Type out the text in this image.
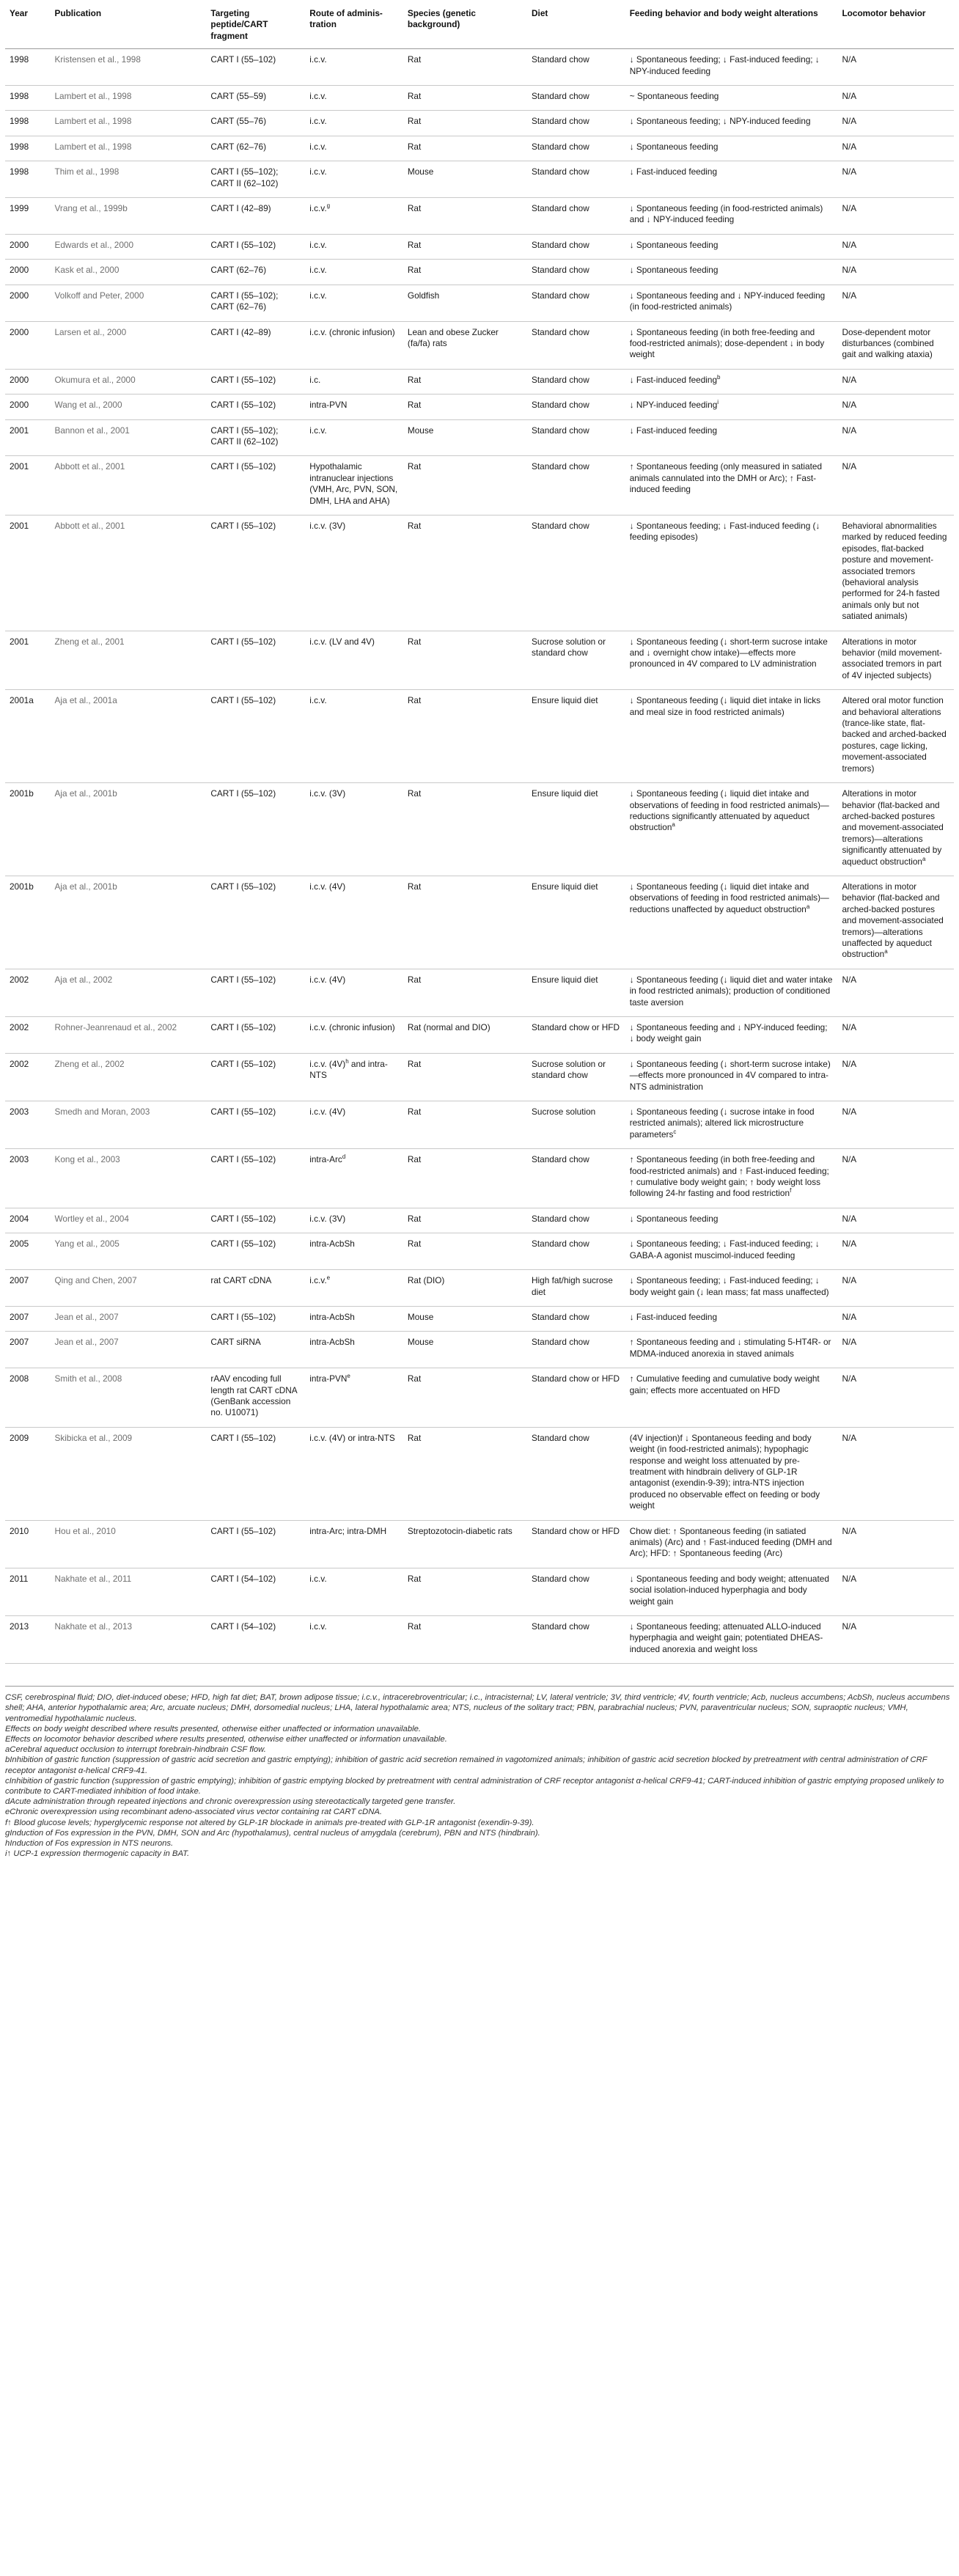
Year	Publication	Targeting peptide/CART fragment	Route of adminis-tration	Species (genetic background)	Diet	Feeding behavior and body weight alterations	Locomotor behavior
1998	Kristensen et al., 1998	CART I (55–102)	i.c.v.	Rat	Standard chow	↓ Spontaneous feeding; ↓ Fast-induced feeding; ↓ NPY-induced feeding	N/A
1998	Lambert et al., 1998	CART (55–59)	i.c.v.	Rat	Standard chow	~ Spontaneous feeding	N/A
1998	Lambert et al., 1998	CART (55–76)	i.c.v.	Rat	Standard chow	↓ Spontaneous feeding; ↓ NPY-induced feeding	N/A
1998	Lambert et al., 1998	CART (62–76)	i.c.v.	Rat	Standard chow	↓ Spontaneous feeding	N/A
1998	Thim et al., 1998	CART I (55–102); CART II (62–102)	i.c.v.	Mouse	Standard chow	↓ Fast-induced feeding	N/A
1999	Vrang et al., 1999b	CART I (42–89)	i.c.v.$^g$	Rat	Standard chow	↓ Spontaneous feeding (in food-restricted animals) and ↓ NPY-induced feeding	N/A
2000	Edwards et al., 2000	CART I (55–102)	i.c.v.	Rat	Standard chow	↓ Spontaneous feeding	N/A
2000	Kask et al., 2000	CART (62–76)	i.c.v.	Rat	Standard chow	↓ Spontaneous feeding	N/A
2000	Volkoff and Peter, 2000	CART I (55–102); CART (62–76)	i.c.v.	Goldfish	Standard chow	↓ Spontaneous feeding and ↓ NPY-induced feeding (in food-restricted animals)	N/A
2000	Larsen et al., 2000	CART I (42–89)	i.c.v. (chronic infusion)	Lean and obese Zucker (fa/fa) rats	Standard chow	↓ Spontaneous feeding (in both free-feeding and food-restricted animals); dose-dependent ↓ in body weight	Dose-dependent motor disturbances (combined gait and walking ataxia)
2000	Okumura et al., 2000	CART I (55–102)	i.c.	Rat	Standard chow	↓ Fast-induced feeding$^b$	N/A
2000	Wang et al., 2000	CART I (55–102)	intra-PVN	Rat	Standard chow	↓ NPY-induced feeding$^i$	N/A
2001	Bannon et al., 2001	CART I (55–102); CART II (62–102)	i.c.v.	Mouse	Standard chow	↓ Fast-induced feeding	N/A
2001	Abbott et al., 2001	CART I (55–102)	Hypothalamic intranuclear injections (VMH, Arc, PVN, SON, DMH, LHA and AHA)	Rat	Standard chow	↑ Spontaneous feeding (only measured in satiated animals cannulated into the DMH or Arc); ↑ Fast-induced feeding	N/A
2001	Abbott et al., 2001	CART I (55–102)	i.c.v. (3V)	Rat	Standard chow	↓ Spontaneous feeding; ↓ Fast-induced feeding (↓ feeding episodes)	Behavioral abnormalities marked by reduced feeding episodes, flat-backed posture and movement-associated tremors (behavioral analysis performed for 24-h fasted animals only but not satiated animals)
2001	Zheng et al., 2001	CART I (55–102)	i.c.v. (LV and 4V)	Rat	Sucrose solution or standard chow	↓ Spontaneous feeding (↓ short-term sucrose intake and ↓ overnight chow intake)—effects more pronounced in 4V compared to LV administration	Alterations in motor behavior (mild movement-associated tremors in part of 4V injected subjects)
2001a	Aja et al., 2001a	CART I (55–102)	i.c.v.	Rat	Ensure liquid diet	↓ Spontaneous feeding (↓ liquid diet intake in licks and meal size in food restricted animals)	Altered oral motor function and behavioral alterations (trance-like state, flat-backed and arched-backed postures, cage licking, movement-associated tremors)
2001b	Aja et al., 2001b	CART I (55–102)	i.c.v. (3V)	Rat	Ensure liquid diet	↓ Spontaneous feeding (↓ liquid diet intake and observations of feeding in food restricted animals)—reductions significantly attenuated by aqueduct obstruction$^a$	Alterations in motor behavior (flat-backed and arched-backed postures and movement-associated tremors)—alterations significantly attenuated by aqueduct obstruction$^a$
2001b	Aja et al., 2001b	CART I (55–102)	i.c.v. (4V)	Rat	Ensure liquid diet	↓ Spontaneous feeding (↓ liquid diet intake and observations of feeding in food restricted animals)—reductions unaffected by aqueduct obstruction$^a$	Alterations in motor behavior (flat-backed and arched-backed postures and movement-associated tremors)—alterations unaffected by aqueduct obstruction$^a$
2002	Aja et al., 2002	CART I (55–102)	i.c.v. (4V)	Rat	Ensure liquid diet	↓ Spontaneous feeding (↓ liquid diet and water intake in food restricted animals); production of conditioned taste aversion	N/A
2002	Rohner-Jeanrenaud et al., 2002	CART I (55–102)	i.c.v. (chronic infusion)	Rat (normal and DIO)	Standard chow or HFD	↓ Spontaneous feeding and ↓ NPY-induced feeding; ↓ body weight gain	N/A
2002	Zheng et al., 2002	CART I (55–102)	i.c.v. $(4V)^h$ and intra-NTS	Rat	Sucrose solution or standard chow	↓ Spontaneous feeding (↓ short-term sucrose intake)—effects more pronounced in 4V compared to intra-NTS administration	N/A
2003	Smedh and Moran, 2003	CART I (55–102)	i.c.v. (4V)	Rat	Sucrose solution	↓ Spontaneous feeding (↓ sucrose intake in food restricted animals); altered lick microstructure parameters$^c$	N/A
2003	Kong et al., 2003	CART I (55–102)	intra-Arc$^d$	Rat	Standard chow	↑ Spontaneous feeding (in both free-feeding and food-restricted animals) and ↑ Fast-induced feeding; ↑ cumulative body weight gain; ↑ body weight loss following 24-hr fasting and food restriction$^f$	N/A
2004	Wortley et al., 2004	CART I (55–102)	i.c.v. (3V)	Rat	Standard chow	↓ Spontaneous feeding	N/A
2005	Yang et al., 2005	CART I (55–102)	intra-AcbSh	Rat	Standard chow	↓ Spontaneous feeding; ↓ Fast-induced feeding; ↓ GABA-A agonist muscimol-induced feeding	N/A
2007	Qing and Chen, 2007	rat CART cDNA	i.c.v.$^e$	Rat (DIO)	High fat/high sucrose diet	↓ Spontaneous feeding; ↓ Fast-induced feeding; ↓ body weight gain (↓ lean mass; fat mass unaffected)	N/A
2007	Jean et al., 2007	CART I (55–102)	intra-AcbSh	Mouse	Standard chow	↓ Fast-induced feeding	N/A
2007	Jean et al., 2007	CART siRNA	intra-AcbSh	Mouse	Standard chow	↑ Spontaneous feeding and ↓ stimulating 5-HT4R- or MDMA-induced anorexia in staved animals	N/A
2008	Smith et al., 2008	rAAV encoding full length rat CART cDNA (GenBank accession no. U10071)	intra-PVN$^e$	Rat	Standard chow or HFD	↑ Cumulative feeding and cumulative body weight gain; effects more accentuated on HFD	N/A
2009	Skibicka et al., 2009	CART I (55–102)	i.c.v. (4V) or intra-NTS	Rat	Standard chow	(4V injection)f ↓ Spontaneous feeding and body weight (in food-restricted animals); hypophagic response and weight loss attenuated by pre-treatment with hindbrain delivery of GLP-1R antagonist (exendin-9-39); intra-NTS injection produced no observable effect on feeding or body weight	N/A
2010	Hou et al., 2010	CART I (55–102)	intra-Arc; intra-DMH	Streptozotocin-diabetic rats	Standard chow or HFD	Chow diet: ↑ Spontaneous feeding (in satiated animals) (Arc) and ↑ Fast-induced feeding (DMH and Arc); HFD: ↑ Spontaneous feeding (Arc)	N/A
2011	Nakhate et al., 2011	CART I (54–102)	i.c.v.	Rat	Standard chow	↓ Spontaneous feeding and body weight; attenuated social isolation-induced hyperphagia and body weight gain	N/A
2013	Nakhate et al., 2013	CART I (54–102)	i.c.v.	Rat	Standard chow	↓ Spontaneous feeding; attenuated ALLO-induced hyperphagia and weight gain; potentiated DHEAS-induced anorexia and weight loss	N/A

CSF, cerebrospinal fluid; DIO, diet-induced obese; HFD, high fat diet; BAT, brown adipose tissue; i.c.v., intracerebroventricular; i.c., intracisternal; LV, lateral ventricle; 3V, third ventricle; 4V, fourth ventricle; Acb, nucleus accumbens; AcbSh, nucleus accumbens shell; AHA, anterior hypothalamic area; Arc, arcuate nucleus; DMH, dorsomedial nucleus; LHA, lateral hypothalamic area; NTS, nucleus of the solitary tract; PBN, parabrachial nucleus; PVN, paraventricular nucleus; SON, supraoptic nucleus; VMH, ventromedial hypothalamic nucleus.

Effects on body weight described where results presented, otherwise either unaffected or information unavailable.

Effects on locomotor behavior described where results presented, otherwise either unaffected or information unavailable.

aCerebral aqueduct occlusion to interrupt forebrain-hindbrain CSF flow.

bInhibition of gastric function (suppression of gastric acid secretion and gastric emptying); inhibition of gastric acid secretion remained in vagotomized animals; inhibition of gastric acid secretion blocked by pretreatment with central administration of CRF receptor antagonist α-helical CRF9-41.

cInhibition of gastric function (suppression of gastric emptying); inhibition of gastric emptying blocked by pretreatment with central administration of CRF receptor antagonist α-helical CRF9-41; CART-induced inhibition of gastric emptying proposed unlikely to contribute to CART-mediated inhibition of food intake.

dAcute administration through repeated injections and chronic overexpression using stereotactically targeted gene transfer.

eChronic overexpression using recombinant adeno-associated virus vector containing rat CART cDNA.

f↑ Blood glucose levels; hyperglycemic response not altered by GLP-1R blockade in animals pre-treated with GLP-1R antagonist (exendin-9-39).

gInduction of Fos expression in the PVN, DMH, SON and Arc (hypothalamus), central nucleus of amygdala (cerebrum), PBN and NTS (hindbrain).

hInduction of Fos expression in NTS neurons.

i↑ UCP-1 expression thermogenic capacity in BAT.
